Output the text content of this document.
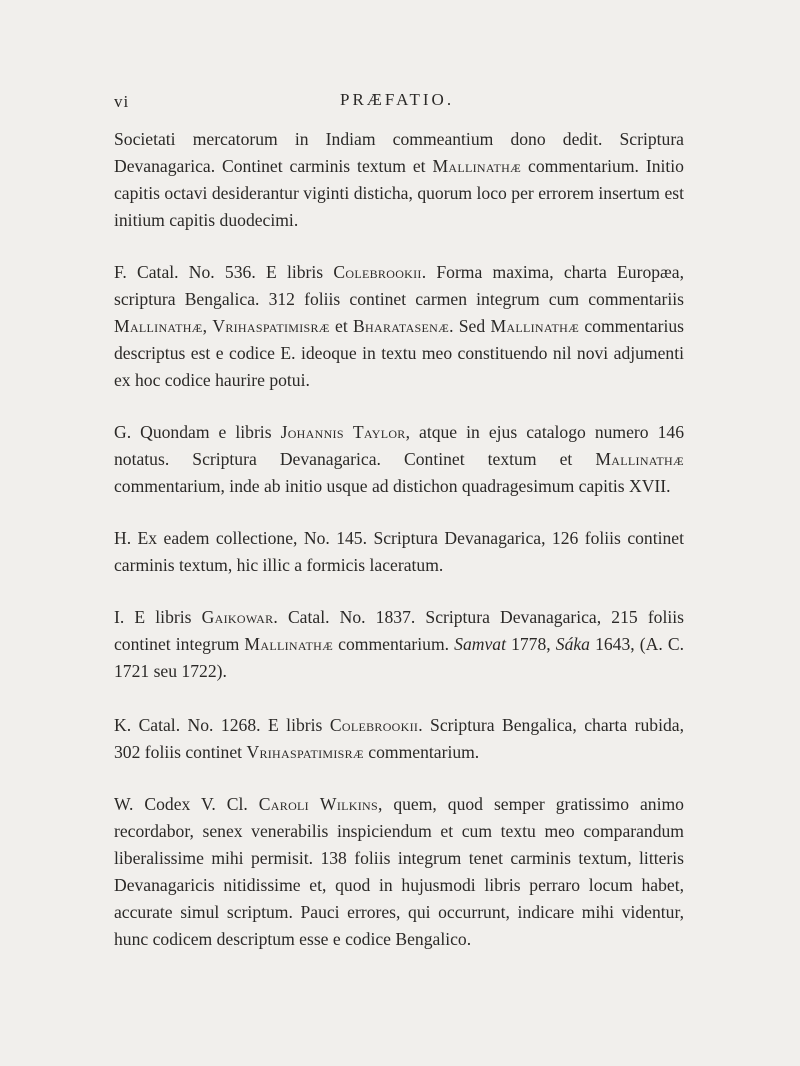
vi	PRÆFATIO.

Societati mercatorum in Indiam commeantium dono dedit. Scriptura Devanagarica. Continet carminis textum et Mallinathæ commentarium. Initio capitis octavi desiderantur viginti disticha, quorum loco per errorem insertum est initium capitis duodecimi.

F. Catal. No. 536. E libris Colebrookii. Forma maxima, charta Europæa, scriptura Bengalica. 312 foliis continet carmen integrum cum commentariis Mallinathæ, Vrihaspatimisræ et Bharatasenæ. Sed Mallinathæ commentarius descriptus est e codice E. ideoque in textu meo constituendo nil novi adjumenti ex hoc codice haurire potui.

G. Quondam e libris Johannis Taylor, atque in ejus catalogo numero 146 notatus. Scriptura Devanagarica. Continet textum et Mallinathæ commentarium, inde ab initio usque ad distichon quadragesimum capitis XVII.

H. Ex eadem collectione, No. 145. Scriptura Devanagarica, 126 foliis continet carminis textum, hic illic a formicis laceratum.

I. E libris Gaikowar. Catal. No. 1837. Scriptura Devanagarica, 215 foliis continet integrum Mallinathæ commentarium. Samvat 1778, Sáka 1643, (A. C. 1721 seu 1722).

K. Catal. No. 1268. E libris Colebrookii. Scriptura Bengalica, charta rubida, 302 foliis continet Vrihaspatimisræ commentarium.

W. Codex V. Cl. Caroli Wilkins, quem, quod semper gratissimo animo recordabor, senex venerabilis inspiciendum et cum textu meo comparandum liberalissime mihi permisit. 138 foliis integrum tenet carminis textum, litteris Devanagaricis nitidissime et, quod in hujusmodi libris perraro locum habet, accurate simul scriptum. Pauci errores, qui occurrunt, indicare mihi videntur, hunc codicem descriptum esse e codice Bengalico.
